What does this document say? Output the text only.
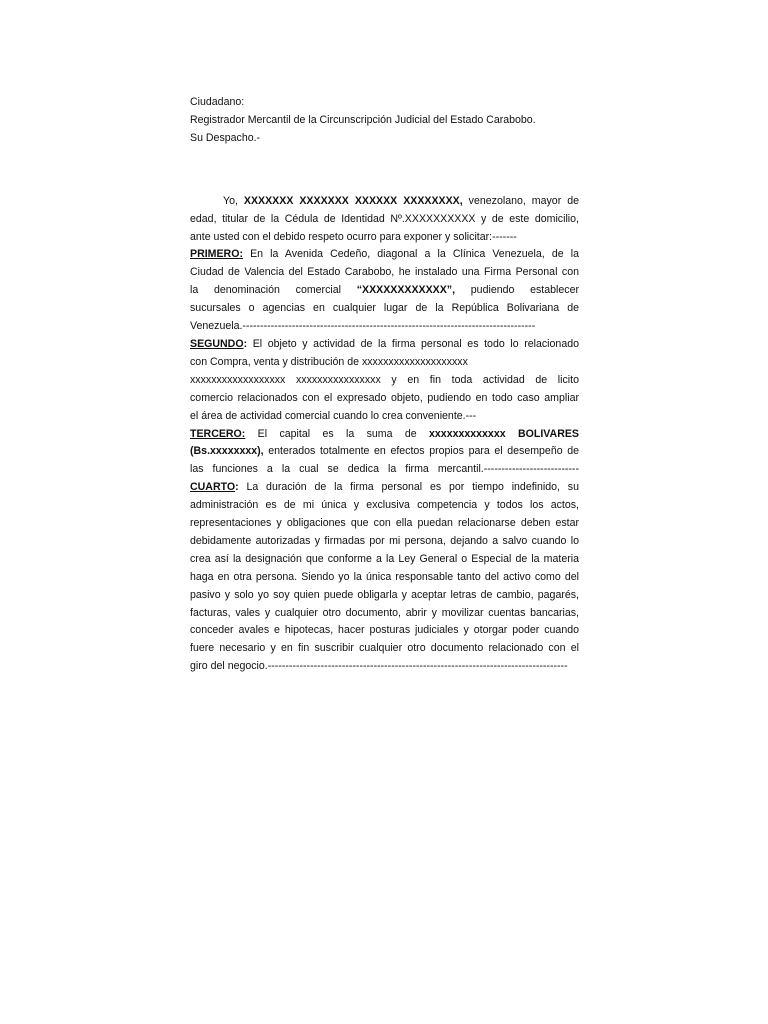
Ciudadano:
Registrador Mercantil de la Circunscripción Judicial del Estado Carabobo.
Su Despacho.-
Yo, XXXXXXX XXXXXXX XXXXXX XXXXXXXX, venezolano, mayor de
edad, titular de la Cédula de Identidad Nº.XXXXXXXXXX y de este domicilio,
ante usted con el debido respeto ocurro para exponer y solicitar:-------
PRIMERO: En la Avenida Cedeño, diagonal a la Clínica Venezuela, de la
Ciudad de Valencia del Estado Carabobo, he instalado una Firma Personal con
la denominación comercial “XXXXXXXXXXXX”, pudiendo establecer
sucursales o agencias en cualquier lugar de la República Bolivariana de
Venezuela.-----------------------------------------------------------------------------------
SEGUNDO: El objeto y actividad de la firma personal es todo lo relacionado
con Compra, venta y distribución de xxxxxxxxxxxxxxxxxxxx
xxxxxxxxxxxxxxxxxx xxxxxxxxxxxxxxxx y en fin toda actividad de licito
comercio relacionados con el expresado objeto, pudiendo en todo caso ampliar
el área de actividad comercial cuando lo crea conveniente.---
TERCERO: El capital es la suma de xxxxxxxxxxxxx BOLIVARES
(Bs.xxxxxxxx), enterados totalmente en efectos propios para el desempeño de
las funciones a la cual se dedica la firma mercantil.---------------------------
CUARTO: La duración de la firma personal es por tiempo indefinido, su
administración es de mi única y exclusiva competencia y todos los actos,
representaciones y obligaciones que con ella puedan relacionarse deben estar
debidamente autorizadas y firmadas por mi persona, dejando a salvo cuando lo
crea así la designación que conforme a la Ley General o Especial de la materia
haga en otra persona. Siendo yo la única responsable tanto del activo como del
pasivo y solo yo soy quien puede obligarla y aceptar letras de cambio, pagarés,
facturas, vales y cualquier otro documento, abrir y movilizar cuentas bancarias,
conceder avales e hipotecas, hacer posturas judiciales y otorgar poder cuando
fuere necesario y en fin suscribir cualquier otro documento relacionado con el
giro del negocio.-------------------------------------------------------------------------------------
